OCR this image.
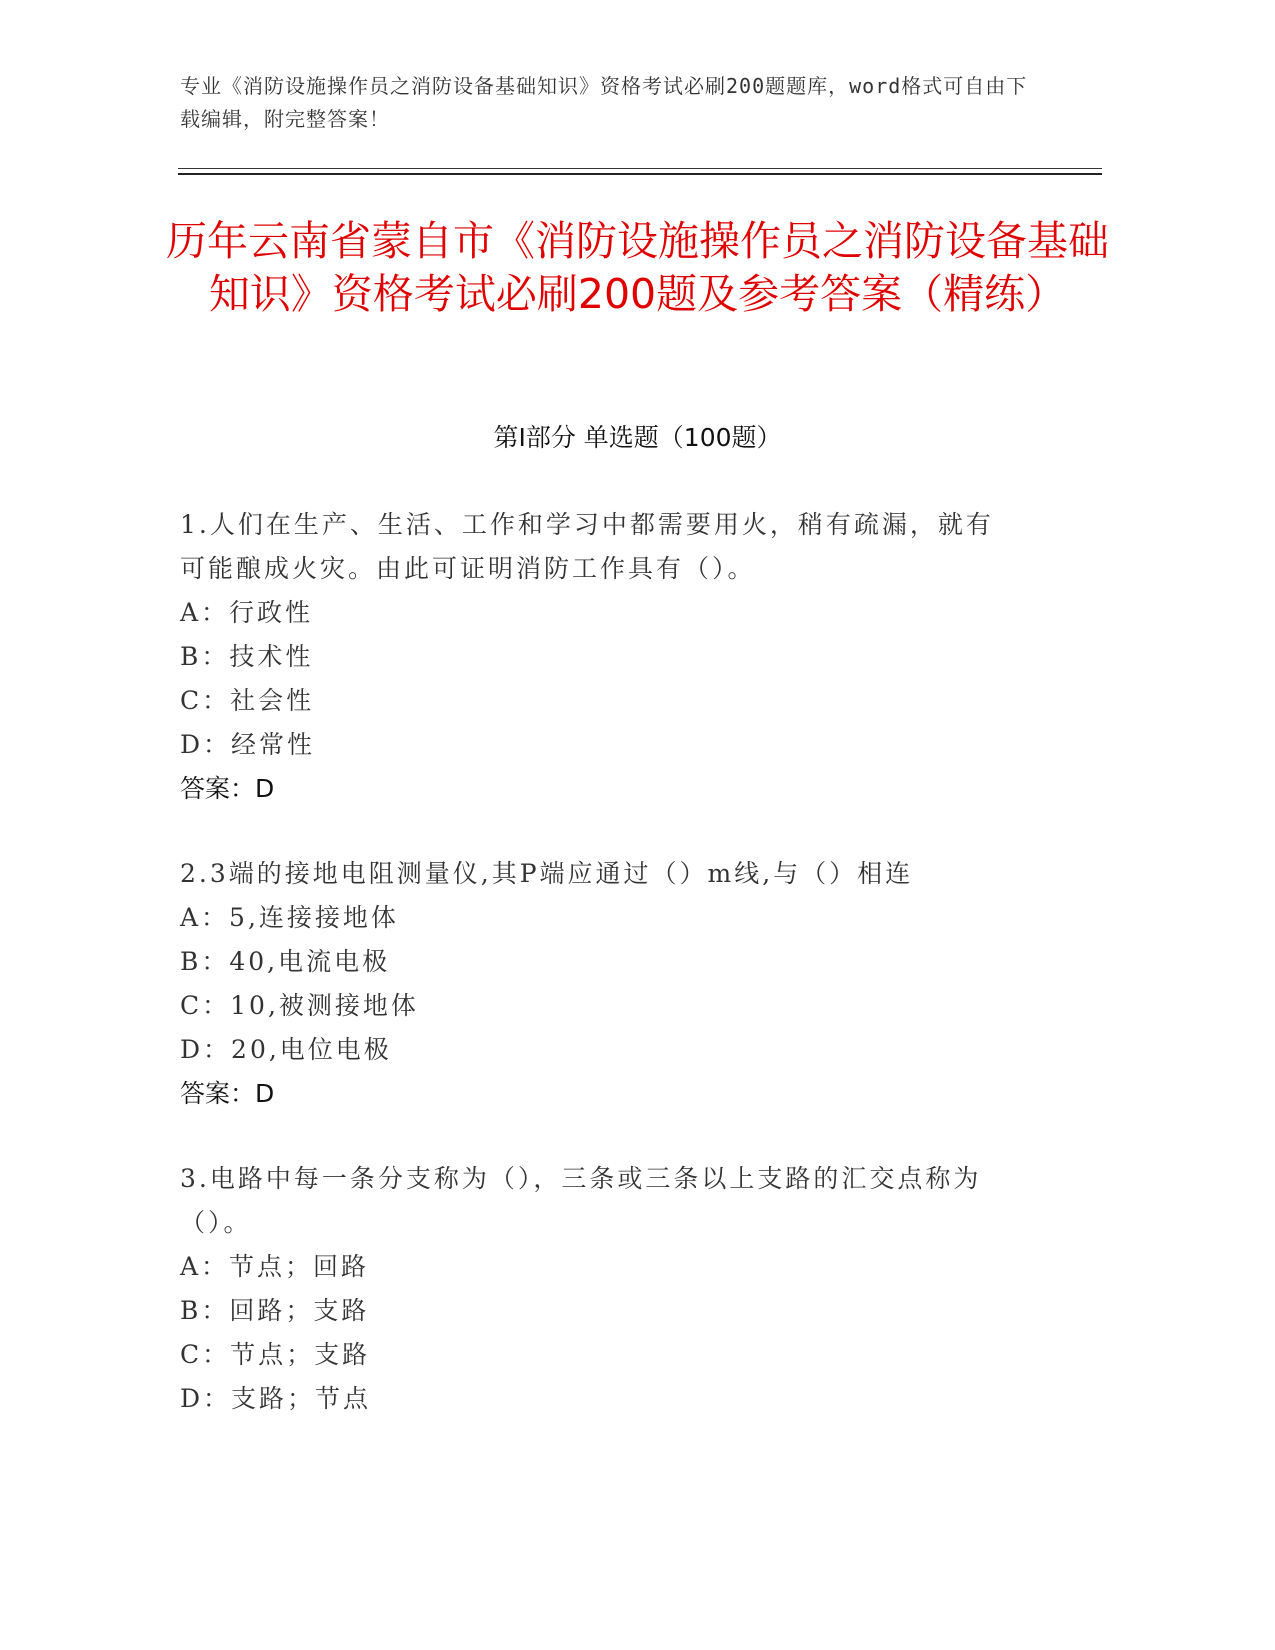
专业《消防设施操作员之消防设备基础知识》资格考试必刷200题题库，word格式可自由下载编辑，附完整答案！
历年云南省蒙自市《消防设施操作员之消防设备基础知识》资格考试必刷200题及参考答案（精练）
第Ⅰ部分 单选题（100题）

1.人们在生产、生活、工作和学习中都需要用火，稍有疏漏，就有可能酿成火灾。由此可证明消防工作具有（）。

A：行政性

B：技术性

C：社会性

D：经常性

答案：D

2.3端的接地电阻测量仪,其P端应通过（）m线,与（）相连

A：5,连接接地体

B：40,电流电极

C：10,被测接地体

D：20,电位电极

答案：D

3.电路中每一条分支称为（），三条或三条以上支路的汇交点称为（）。

A：节点；回路

B：回路；支路

C：节点；支路

D：支路；节点
